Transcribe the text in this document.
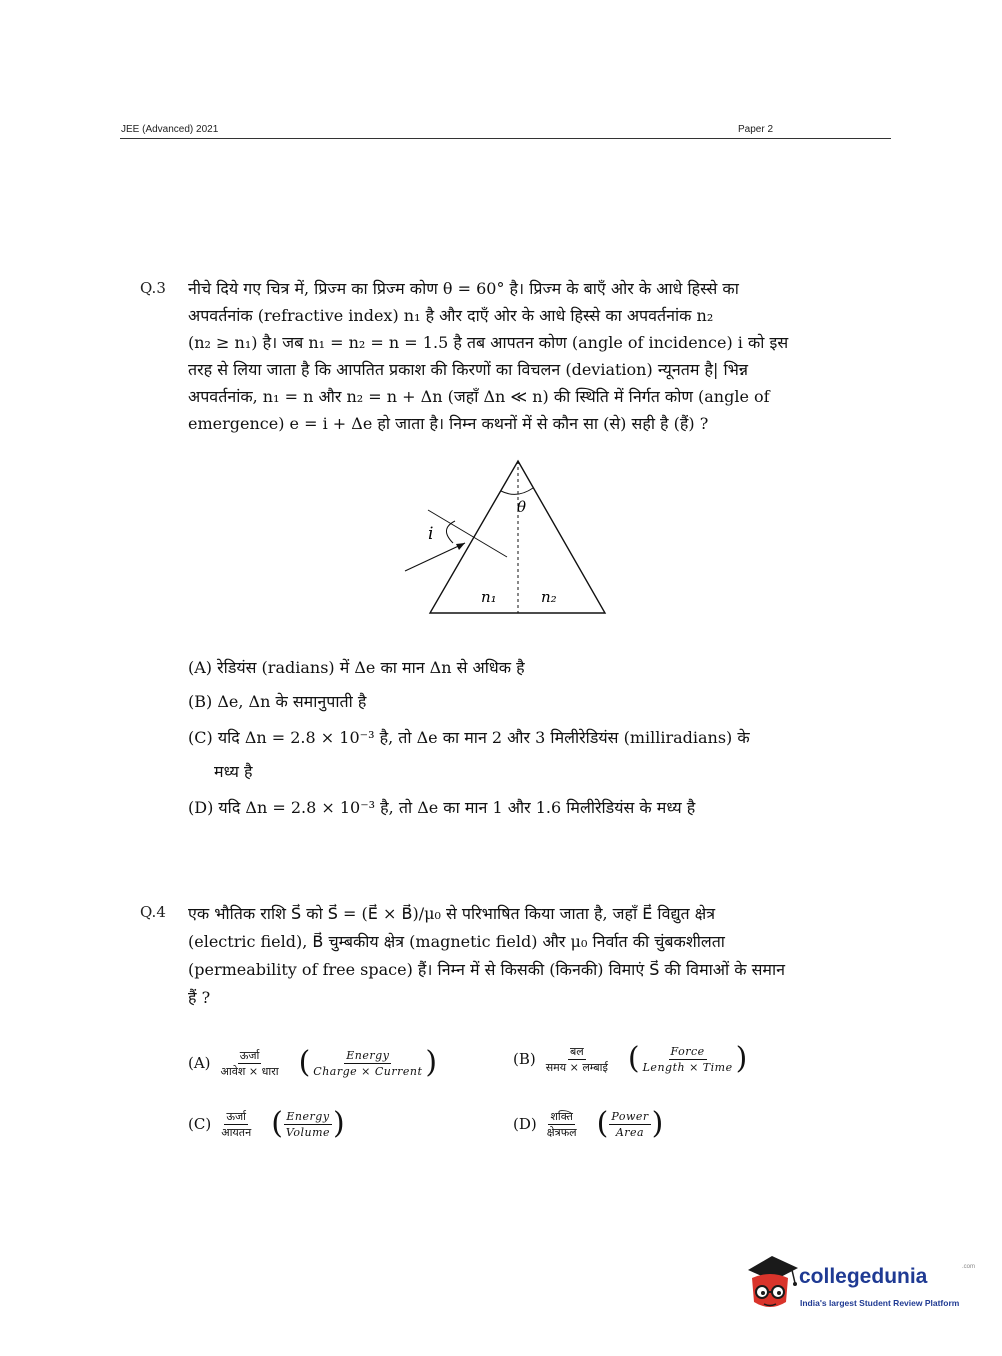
JEE (Advanced) 2021	Paper 2
Q.3 नीचे दिये गए चित्र में, प्रिज्म का प्रिज्म कोण θ = 60° है। प्रिज्म के बाएँ ओर के आधे हिस्से का
अपवर्तनांक (refractive index) n₁ है और दाएँ ओर के आधे हिस्से का अपवर्तनांक n₂
(n₂ ≥ n₁) है। जब n₁ = n₂ = n = 1.5 है तब आपतन कोण (angle of incidence) i को इस
तरह से लिया जाता है कि आपतित प्रकाश की किरणों का विचलन (deviation) न्यूनतम है| भिन्न
अपवर्तनांक, n₁ = n और n₂ = n + Δn (जहाँ Δn ≪ n) की स्थिति में निर्गत कोण (angle of
emergence) e = i + Δe हो जाता है। निम्न कथनों में से कौन सा (से) सही है (हैं) ?
θ
i
n₁	n₂
(A) रेडियंस (radians) में Δe का मान Δn से अधिक है
(B) Δe, Δn के समानुपाती है
(C) यदि Δn = 2.8 × 10⁻³ है, तो Δe का मान 2 और 3 मिलीरेडियंस (milliradians) के
मध्य है
(D) यदि Δn = 2.8 × 10⁻³ है, तो Δe का मान 1 और 1.6 मिलीरेडियंस के मध्य है
Q.4 एक भौतिक राशि S⃗ को S⃗ = (E⃗ × B⃗)/μ₀ से परिभाषित किया जाता है, जहाँ E⃗ विद्युत क्षेत्र
(electric field), B⃗ चुम्बकीय क्षेत्र (magnetic field) और μ₀ निर्वात की चुंबकशीलता
(permeability of free space) हैं। निम्न में से किसकी (किनकी) विमाएं S⃗ की विमाओं के समान
हैं ?
$(A) \frac{\text{ऊर्जा}}{\text{आवेश × धारा}}$ ( $\frac{\text{Energy}}{\text{Charge × Current}}$ )	$(B) \frac{\text{बल}}{\text{समय × लम्बाई}}$ ( $\frac{\text{Force}}{\text{Length × Time}}$ )
$(C) \frac{\text{ऊर्जा}}{\text{आयतन}}$ ( $\frac{\text{Energy}}{\text{Volume}}$ )	$(D) \frac{\text{शक्ति}}{\text{क्षेत्रफल}}$ ( $\frac{\text{Power}}{\text{Area}}$ )
collegedunia	.com
India's largest Student Review Platform
